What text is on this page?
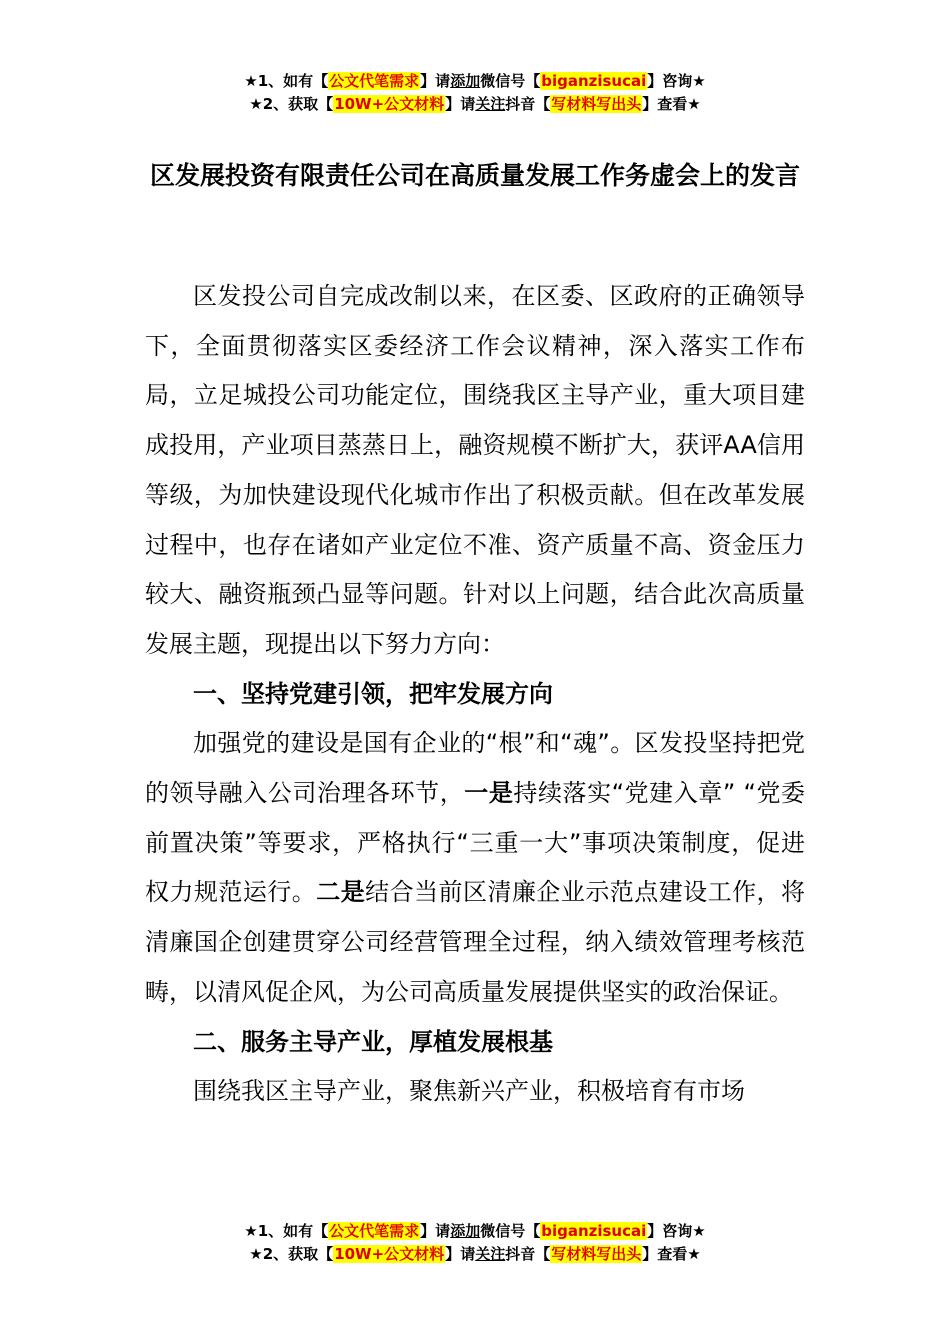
★1、如有【公文代笔需求】请添加微信号【biganzisucai】咨询★
★2、获取【10W+公文材料】请关注抖音【写材料写出头】查看★
区发展投资有限责任公司在高质量发展工作务虚会上的发言

区发投公司自完成改制以来，在区委、区政府的正确领导下，全面贯彻落实区委经济工作会议精神，深入落实工作布局，立足城投公司功能定位，围绕我区主导产业，重大项目建成投用，产业项目蒸蒸日上，融资规模不断扩大，获评AA信用等级，为加快建设现代化城市作出了积极贡献。但在改革发展过程中，也存在诸如产业定位不准、资产质量不高、资金压力较大、融资瓶颈凸显等问题。针对以上问题，结合此次高质量发展主题，现提出以下努力方向：

一、坚持党建引领，把牢发展方向

加强党的建设是国有企业的“根”和“魂”。区发投坚持把党的领导融入公司治理各环节，一是持续落实“党建入章” “党委前置决策”等要求，严格执行“三重一大”事项决策制度，促进权力规范运行。二是结合当前区清廉企业示范点建设工作，将清廉国企创建贯穿公司经营管理全过程，纳入绩效管理考核范畴，以清风促企风，为公司高质量发展提供坚实的政治保证。

二、服务主导产业，厚植发展根基

围绕我区主导产业，聚焦新兴产业，积极培育有市场

★1、如有【公文代笔需求】请添加微信号【biganzisucai】咨询★
★2、获取【10W+公文材料】请关注抖音【写材料写出头】查看★
